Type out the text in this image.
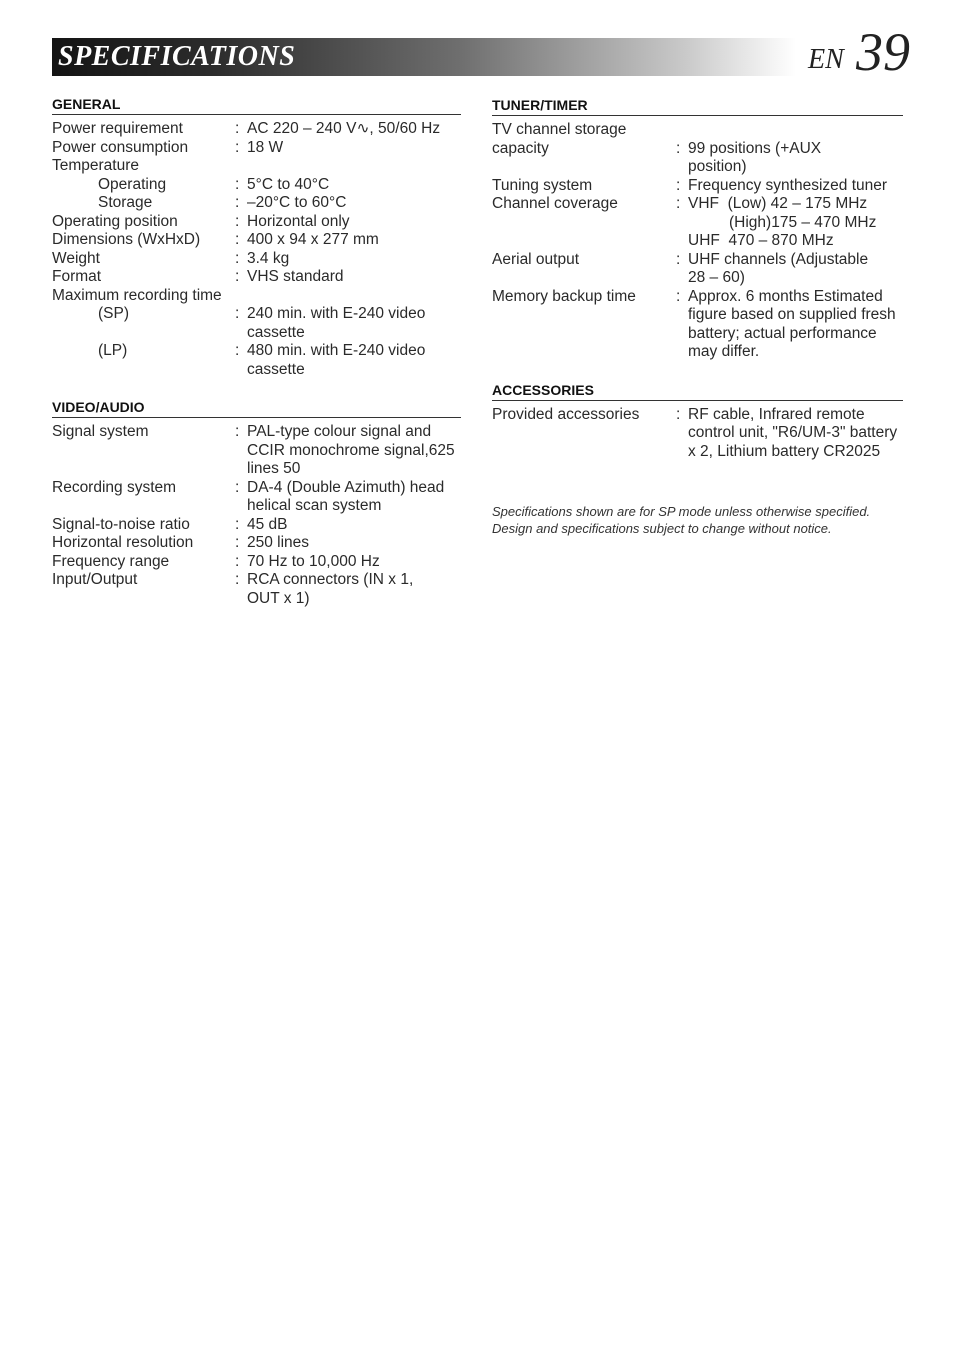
SPECIFICATIONS	EN 39
GENERAL
Power requirement	: AC 220 – 240 V∿, 50/60 Hz
Power consumption	: 18 W
Temperature
Operating	: 5°C to 40°C
Storage	: –20°C to 60°C
Operating position	: Horizontal only
Dimensions (WxHxD)	: 400 x 94 x 277 mm
Weight	: 3.4 kg
Format	: VHS standard
Maximum recording time
(SP)	: 240 min. with E-240 video cassette
(LP)	: 480 min. with E-240 video cassette
VIDEO/AUDIO
Signal system	: PAL-type colour signal and CCIR monochrome signal,625 lines 50
Recording system	: DA-4 (Double Azimuth) head helical scan system
Signal-to-noise ratio	: 45 dB
Horizontal resolution	: 250 lines
Frequency range	: 70 Hz to 10,000 Hz
Input/Output	: RCA connectors (IN x 1, OUT x 1)
TUNER/TIMER
TV channel storage capacity	: 99 positions (+AUX position)
Tuning system	: Frequency synthesized tuner
Channel coverage	: VHF  (Low) 42 – 175 MHz
(High)175 – 470 MHz
UHF  470 – 870 MHz
Aerial output	: UHF channels (Adjustable 28 – 60)
Memory backup time	: Approx. 6 months Estimated figure based on supplied fresh battery; actual performance may differ.
ACCESSORIES
Provided accessories	: RF cable, Infrared remote control unit, "R6/UM-3" battery x 2, Lithium battery CR2025
Specifications shown are for SP mode unless otherwise specified.
Design and specifications subject to change without notice.
